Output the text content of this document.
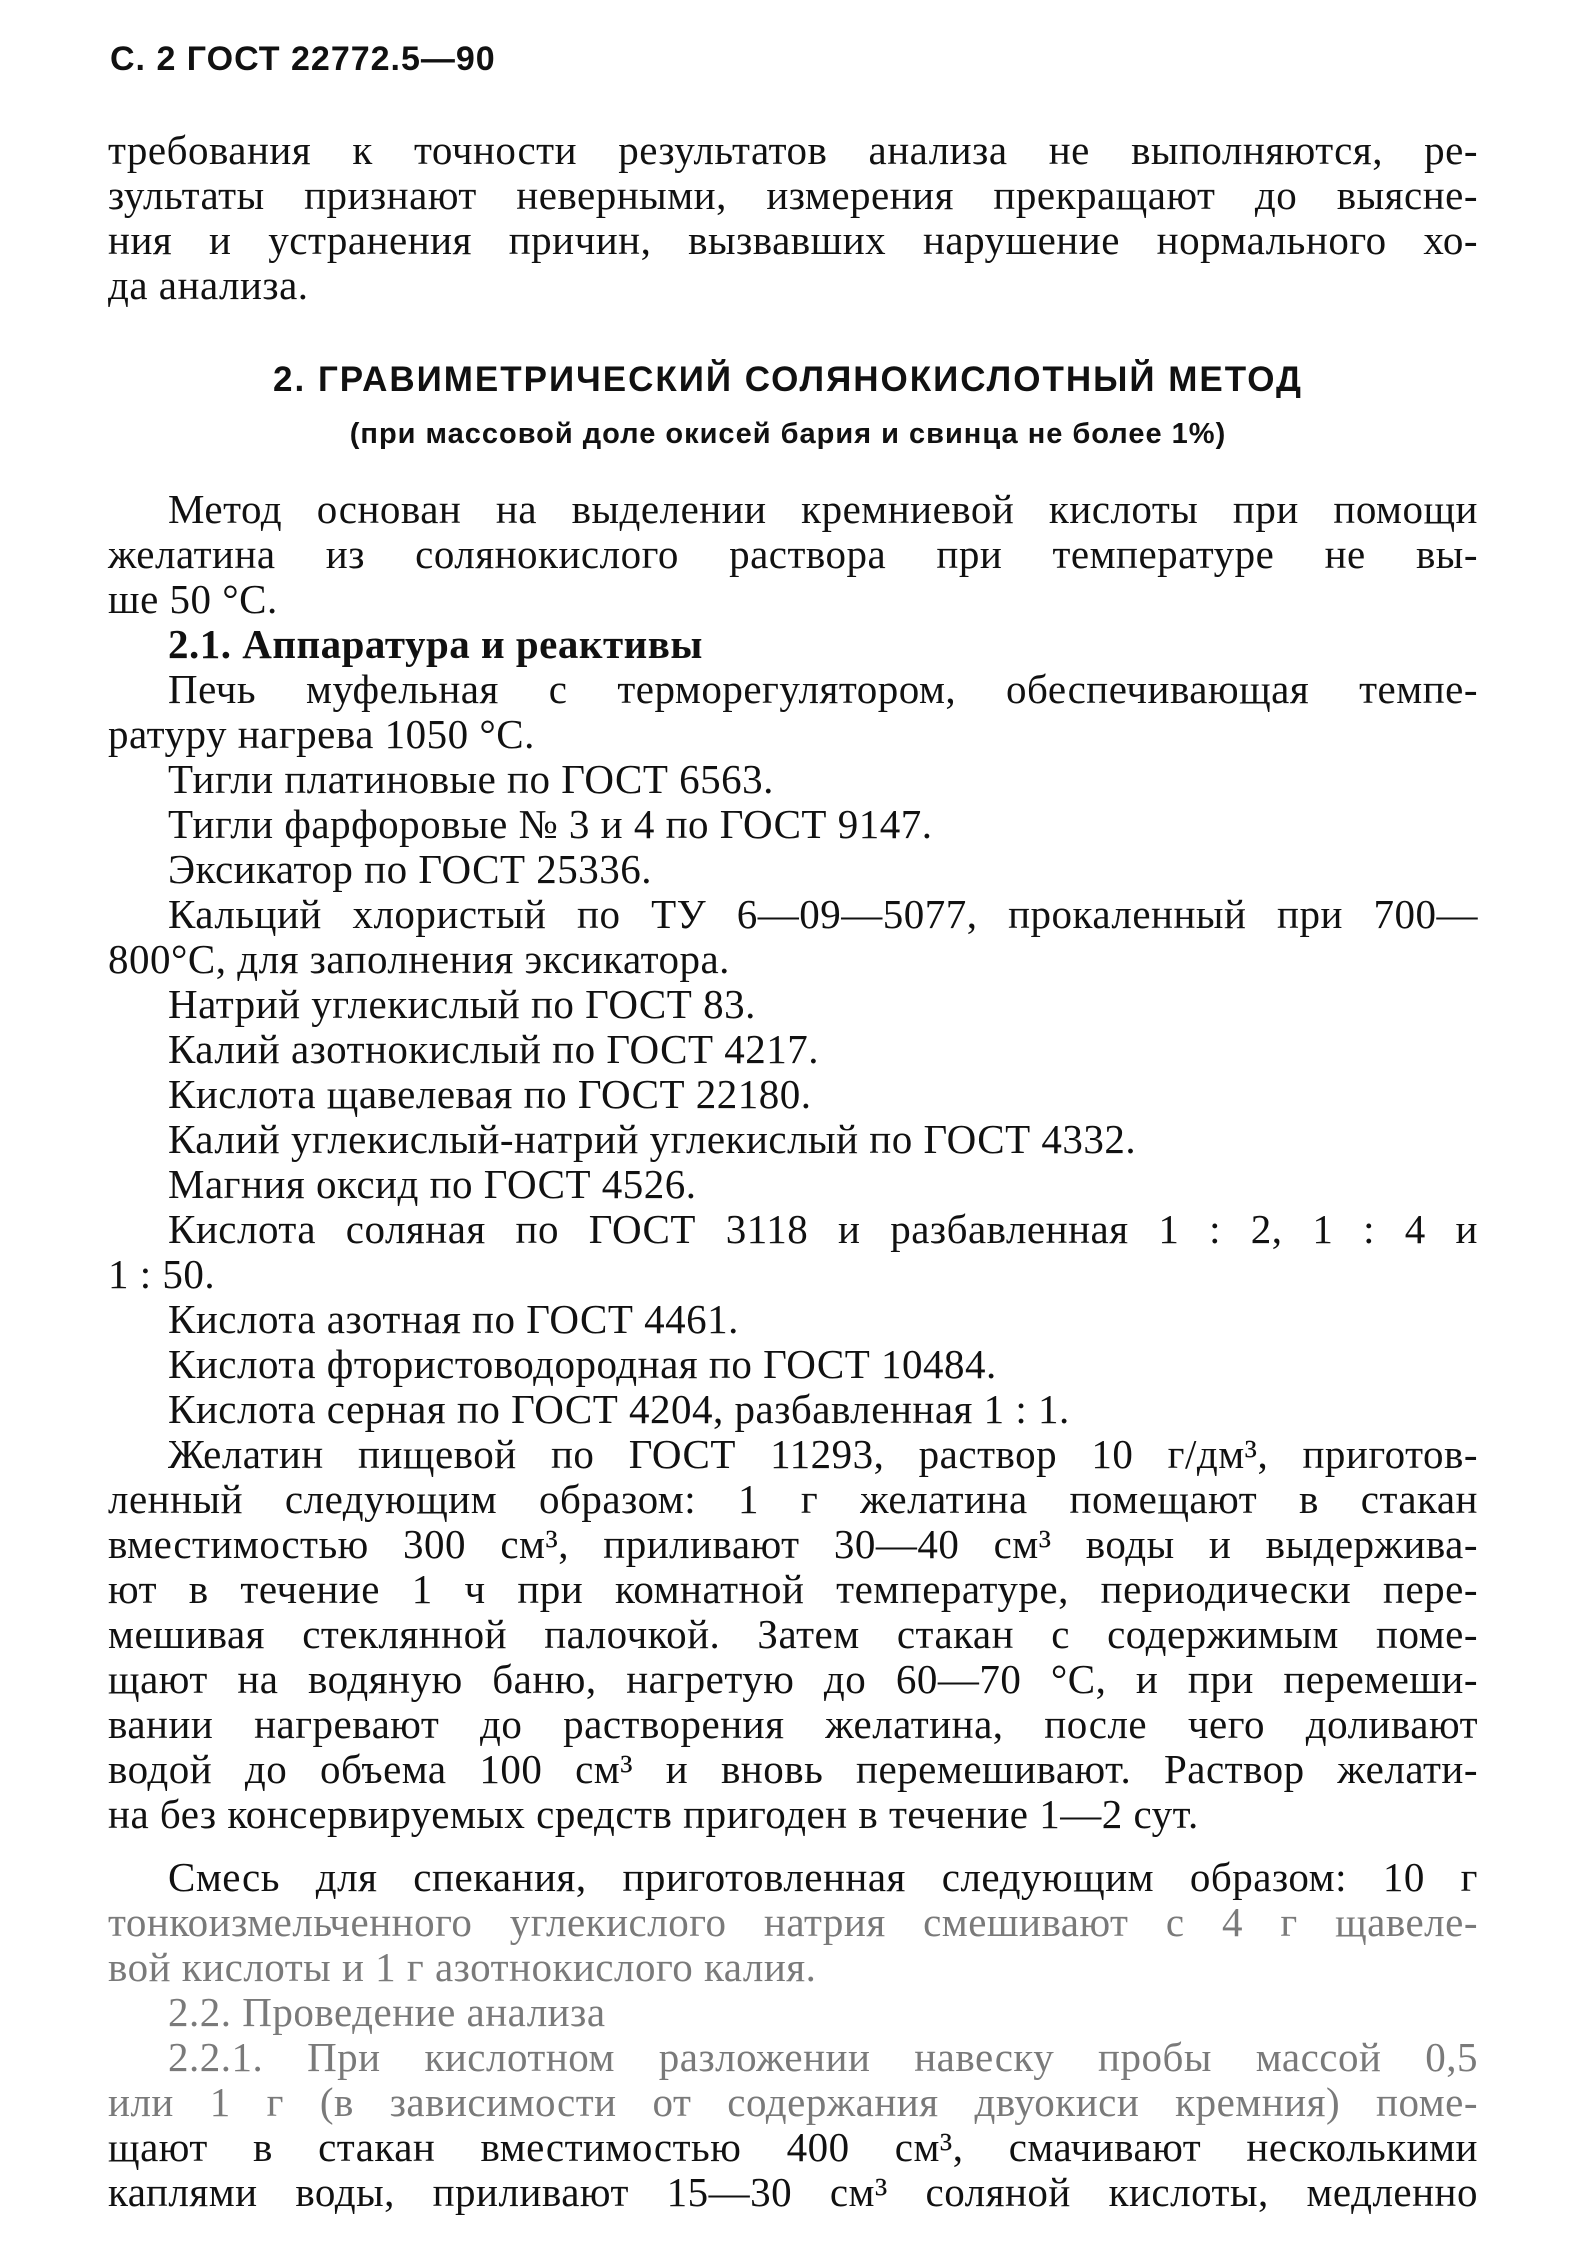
С. 2 ГОСТ 22772.5—90
требования к точности результатов анализа не выполняются, ре-
зультаты признают неверными, измерения прекращают до выясне-
ния и устранения причин, вызвавших нарушение нормального хо-
да анализа.
2. ГРАВИМЕТРИЧЕСКИЙ СОЛЯНОКИСЛОТНЫЙ МЕТОД
(при массовой доле окисей бария и свинца не более 1%)
Метод основан на выделении кремниевой кислоты при помощи
желатина из солянокислого раствора при температуре не вы-
ше 50 °С.
2.1. Аппаратура и реактивы
Печь муфельная с терморегулятором, обеспечивающая темпе-
ратуру нагрева 1050 °С.
Тигли платиновые по ГОСТ 6563.
Тигли фарфоровые № 3 и 4 по ГОСТ 9147.
Эксикатор по ГОСТ 25336.
Кальций хлористый по ТУ 6—09—5077, прокаленный при 700—
800°С, для заполнения эксикатора.
Натрий углекислый по ГОСТ 83.
Калий азотнокислый по ГОСТ 4217.
Кислота щавелевая по ГОСТ 22180.
Калий углекислый-натрий углекислый по ГОСТ 4332.
Магния оксид по ГОСТ 4526.
Кислота соляная по ГОСТ 3118 и разбавленная 1 : 2, 1 : 4 и
1 : 50.
Кислота азотная по ГОСТ 4461.
Кислота фтористоводородная по ГОСТ 10484.
Кислота серная по ГОСТ 4204, разбавленная 1 : 1.
Желатин пищевой по ГОСТ 11293, раствор 10 г/дм³, приготов-
ленный следующим образом: 1 г желатина помещают в стакан
вместимостью 300 см³, приливают 30—40 см³ воды и выдержива-
ют в течение 1 ч при комнатной температуре, периодически пере-
мешивая стеклянной палочкой. Затем стакан с содержимым поме-
щают на водяную баню, нагретую до 60—70 °С, и при перемеши-
вании нагревают до растворения желатина, после чего доливают
водой до объема 100 см³ и вновь перемешивают. Раствор желати-
на без консервируемых средств пригоден в течение 1—2 сут.
Смесь для спекания, приготовленная следующим образом: 10 г
тонкоизмельченного углекислого натрия смешивают с 4 г щавеле-
вой кислоты и 1 г азотнокислого калия.
2.2. Проведение анализа
2.2.1. При кислотном разложении навеску пробы массой 0,5
или 1 г (в зависимости от содержания двуокиси кремния) поме-
щают в стакан вместимостью 400 см³, смачивают несколькими
каплями воды, приливают 15—30 см³ соляной кислоты, медленно
